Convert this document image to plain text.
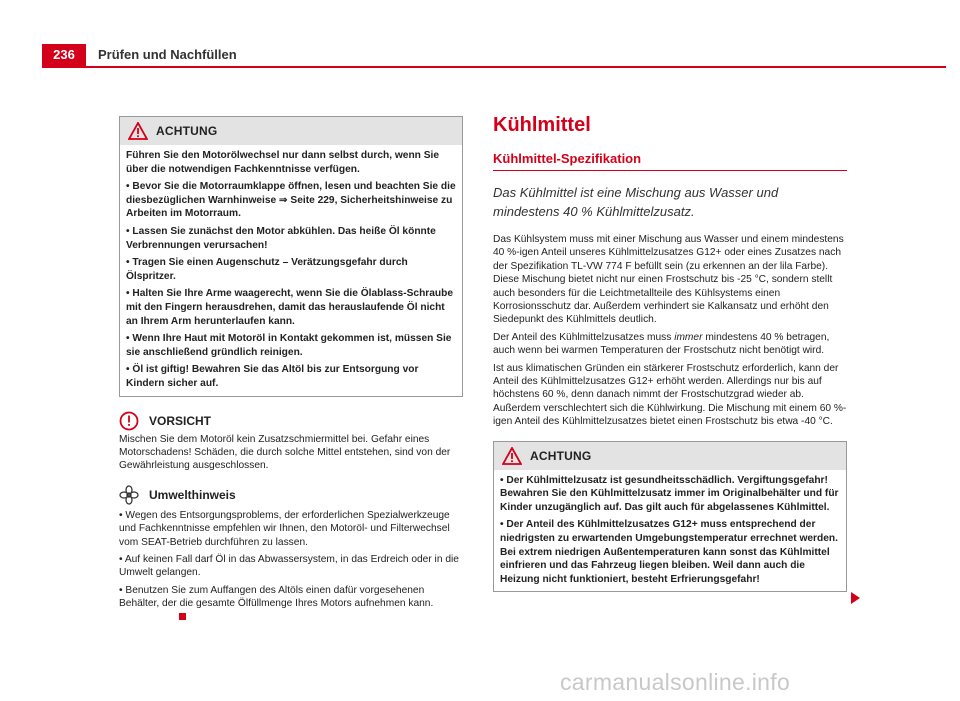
236	Prüfen und Nachfüllen
ACHTUNG

Führen Sie den Motorölwechsel nur dann selbst durch, wenn Sie über die notwendigen Fachkenntnisse verfügen.

• Bevor Sie die Motorraumklappe öffnen, lesen und beachten Sie die diesbezüglichen Warnhinweise ⇒ Seite 229, Sicherheitshinweise zu Arbeiten im Motorraum.

• Lassen Sie zunächst den Motor abkühlen. Das heiße Öl könnte Verbrennungen verursachen!

• Tragen Sie einen Augenschutz – Verätzungsgefahr durch Ölspritzer.

• Halten Sie Ihre Arme waagerecht, wenn Sie die Ölablass-Schraube mit den Fingern herausdrehen, damit das herauslaufende Öl nicht an Ihrem Arm herunterlaufen kann.

• Wenn Ihre Haut mit Motoröl in Kontakt gekommen ist, müssen Sie sie anschließend gründlich reinigen.

• Öl ist giftig! Bewahren Sie das Altöl bis zur Entsorgung vor Kindern sicher auf.

VORSICHT

Mischen Sie dem Motoröl kein Zusatzschmiermittel bei. Gefahr eines Motorschadens! Schäden, die durch solche Mittel entstehen, sind von der Gewährleistung ausgeschlossen.

Umwelthinweis

• Wegen des Entsorgungsproblems, der erforderlichen Spezialwerkzeuge und Fachkenntnisse empfehlen wir Ihnen, den Motoröl- und Filterwechsel vom SEAT-Betrieb durchführen zu lassen.

• Auf keinen Fall darf Öl in das Abwassersystem, in das Erdreich oder in die Umwelt gelangen.

• Benutzen Sie zum Auffangen des Altöls einen dafür vorgesehenen Behälter, der die gesamte Ölfüllmenge Ihres Motors aufnehmen kann.

Kühlmittel
Kühlmittel-Spezifikation
Das Kühlmittel ist eine Mischung aus Wasser und mindestens 40 % Kühlmittelzusatz.

Das Kühlsystem muss mit einer Mischung aus Wasser und einem mindestens 40 %-igen Anteil unseres Kühlmittelzusatzes G12+ oder eines Zusatzes nach der Spezifikation TL-VW 774 F befüllt sein (zu erkennen an der lila Farbe). Diese Mischung bietet nicht nur einen Frostschutz bis -25 °C, sondern stellt auch besonders für die Leichtmetallteile des Kühlsystems einen Korrosionsschutz dar. Außerdem verhindert sie Kalkansatz und erhöht den Siedepunkt des Kühlmittels deutlich.

Der Anteil des Kühlmittelzusatzes muss immer mindestens 40 % betragen, auch wenn bei warmen Temperaturen der Frostschutz nicht benötigt wird.

Ist aus klimatischen Gründen ein stärkerer Frostschutz erforderlich, kann der Anteil des Kühlmittelzusatzes G12+ erhöht werden. Allerdings nur bis auf höchstens 60 %, denn danach nimmt der Frostschutzgrad wieder ab. Außerdem verschlechtert sich die Kühlwirkung. Die Mischung mit einem 60 %-igen Anteil des Kühlmittelzusatzes bietet einen Frostschutz bis etwa -40 °C.

ACHTUNG

• Der Kühlmittelzusatz ist gesundheitsschädlich. Vergiftungsgefahr! Bewahren Sie den Kühlmittelzusatz immer im Originalbehälter und für Kinder unzugänglich auf. Das gilt auch für abgelassenes Kühlmittel.

• Der Anteil des Kühlmittelzusatzes G12+ muss entsprechend der niedrigsten zu erwartenden Umgebungstemperatur errechnet werden. Bei extrem niedrigen Außentemperaturen kann sonst das Kühlmittel einfrieren und das Fahrzeug liegen bleiben. Weil dann auch die Heizung nicht funktioniert, besteht Erfrierungsgefahr!

carmanualsonline.info
